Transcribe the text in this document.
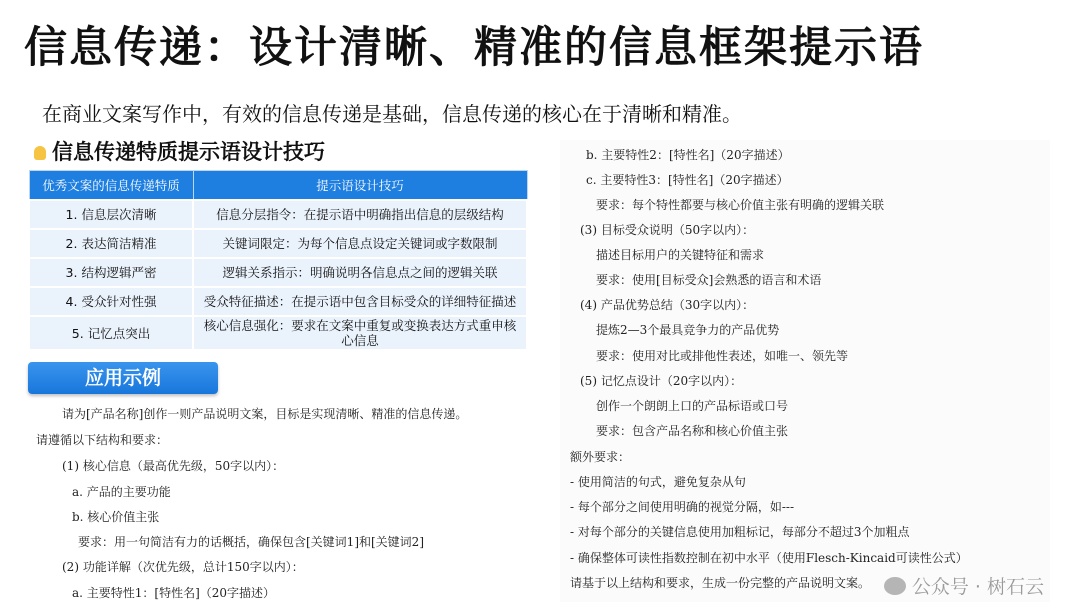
信息传递：设计清晰、精准的信息框架提示语
在商业文案写作中，有效的信息传递是基础，信息传递的核心在于清晰和精准。
信息传递特质提示语设计技巧
优秀文案的信息传递特质	提示语设计技巧
1. 信息层次清晰	信息分层指令：在提示语中明确指出信息的层级结构
2. 表达简洁精准	关键词限定：为每个信息点设定关键词或字数限制
3. 结构逻辑严密	逻辑关系指示：明确说明各信息点之间的逻辑关联
4. 受众针对性强	受众特征描述：在提示语中包含目标受众的详细特征描述
5. 记忆点突出	核心信息强化：要求在文案中重复或变换表达方式重申核心信息
应用示例
请为[产品名称]创作一则产品说明文案，目标是实现清晰、精准的信息传递。
请遵循以下结构和要求：
(1) 核心信息（最高优先级，50字以内）：
a. 产品的主要功能
b. 核心价值主张
要求：用一句简洁有力的话概括，确保包含[关键词1]和[关键词2]
(2) 功能详解（次优先级，总计150字以内）：
a. 主要特性1：[特性名]（20字描述）
b. 主要特性2：[特性名]（20字描述）
c. 主要特性3：[特性名]（20字描述）
要求：每个特性都要与核心价值主张有明确的逻辑关联
(3) 目标受众说明（50字以内）：
描述目标用户的关键特征和需求
要求：使用[目标受众]会熟悉的语言和术语
(4) 产品优势总结（30字以内）：
提炼2—3个最具竞争力的产品优势
要求：使用对比或排他性表述，如唯一、领先等
(5) 记忆点设计（20字以内）：
创作一个朗朗上口的产品标语或口号
要求：包含产品名称和核心价值主张
额外要求：
- 使用简洁的句式，避免复杂从句
- 每个部分之间使用明确的视觉分隔，如---
- 对每个部分的关键信息使用加粗标记，每部分不超过3个加粗点
- 确保整体可读性指数控制在初中水平（使用Flesch-Kincaid可读性公式）
请基于以上结构和要求，生成一份完整的产品说明文案。	公众号 · 树石云
